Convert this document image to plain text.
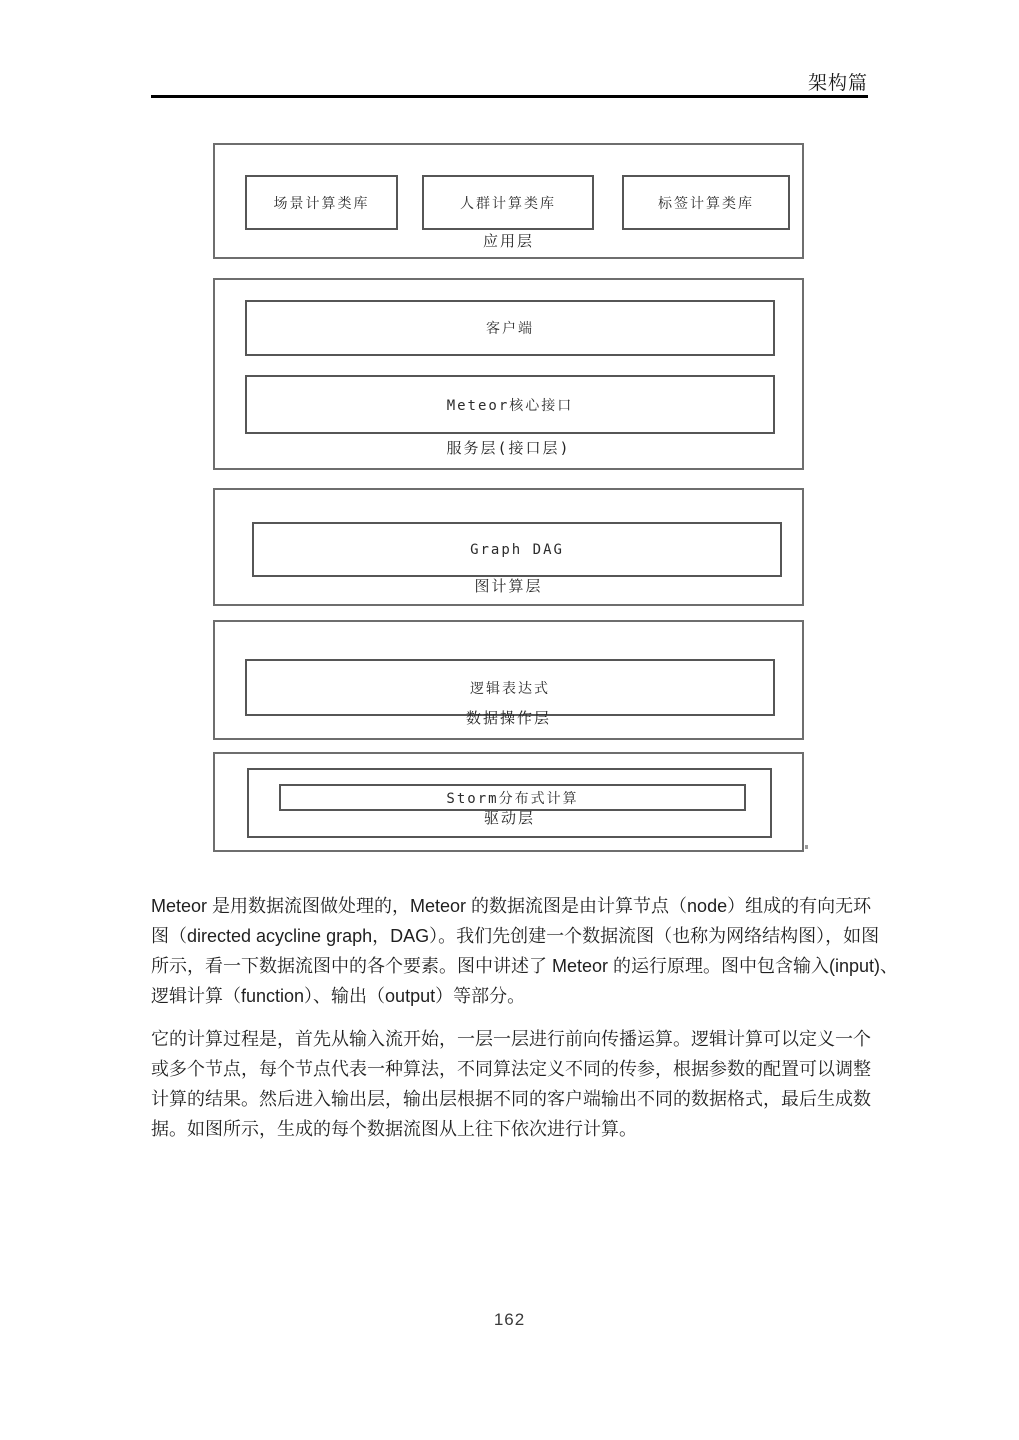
架构篇
场景计算类库	人群计算类库	标签计算类库
应用层
客户端
Meteor核心接口
服务层(接口层)
Graph DAG
图计算层
逻辑表达式
数据操作层
Storm分布式计算
驱动层
Meteor 是用数据流图做处理的，Meteor 的数据流图是由计算节点（node）组成的有向无环
图（directed acycline graph，DAG）。我们先创建一个数据流图（也称为网络结构图），如图
所示，看一下数据流图中的各个要素。图中讲述了 Meteor 的运行原理。图中包含输入(input)、
逻辑计算（function）、输出（output）等部分。
它的计算过程是，首先从输入流开始，一层一层进行前向传播运算。逻辑计算可以定义一个
或多个节点，每个节点代表一种算法，不同算法定义不同的传参，根据参数的配置可以调整
计算的结果。然后进入输出层，输出层根据不同的客户端输出不同的数据格式，最后生成数
据。如图所示，生成的每个数据流图从上往下依次进行计算。
162
